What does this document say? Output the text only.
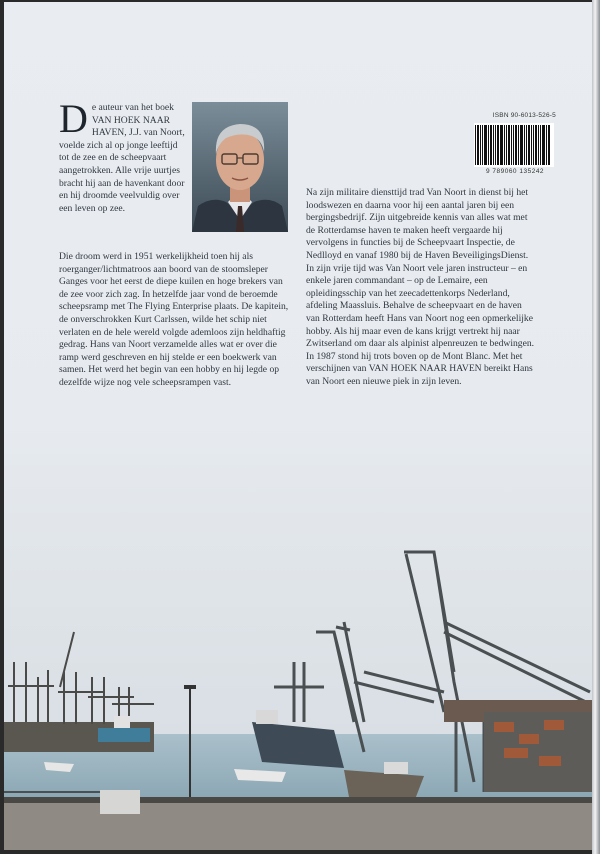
De auteur van het boek VAN HOEK NAAR HAVEN, J.J. van Noort, voelde zich al op jonge leeftijd tot de zee en de scheepvaart aangetrokken. Alle vrije uurtjes bracht hij aan de havenkant door en hij droomde veelvuldig over een leven op zee.
ISBN 90-6013-526-5
9 789060 135242
Die droom werd in 1951 werkelijkheid toen hij als roerganger/lichtmatroos aan boord van de stoomsleper Ganges voor het eerst de diepe kuilen en hoge brekers van de zee voor zich zag. In hetzelfde jaar vond de beroemde scheepsramp met The Flying Enterprise plaats. De kapitein, de onverschrokken Kurt Carlssen, wilde het schip niet verlaten en de hele wereld volgde ademloos zijn heldhaftig gedrag. Hans van Noort verzamelde alles wat er over die ramp werd geschreven en hij stelde er een boekwerk van samen. Het werd het begin van een hobby en hij legde op dezelfde wijze nog vele scheepsrampen vast.
Na zijn militaire diensttijd trad Van Noort in dienst bij het loodswezen en daarna voor hij een aantal jaren bij een bergingsbedrijf. Zijn uitgebreide kennis van alles wat met de Rotterdamse haven te maken heeft vergaarde hij vervolgens in functies bij de Scheepvaart Inspectie, de Nedlloyd en vanaf 1980 bij de Haven BeveiligingsDienst. In zijn vrije tijd was Van Noort vele jaren instructeur – en enkele jaren commandant – op de Lemaire, een opleidingsschip van het zeecadettenkorps Nederland, afdeling Maassluis. Behalve de scheepvaart en de haven van Rotterdam heeft Hans van Noort nog een opmerkelijke hobby. Als hij maar even de kans krijgt vertrekt hij naar Zwitserland om daar als alpinist alpenreuzen te bedwingen. In 1987 stond hij trots boven op de Mont Blanc. Met het verschijnen van VAN HOEK NAAR HAVEN bereikt Hans van Noort een nieuwe piek in zijn leven.
